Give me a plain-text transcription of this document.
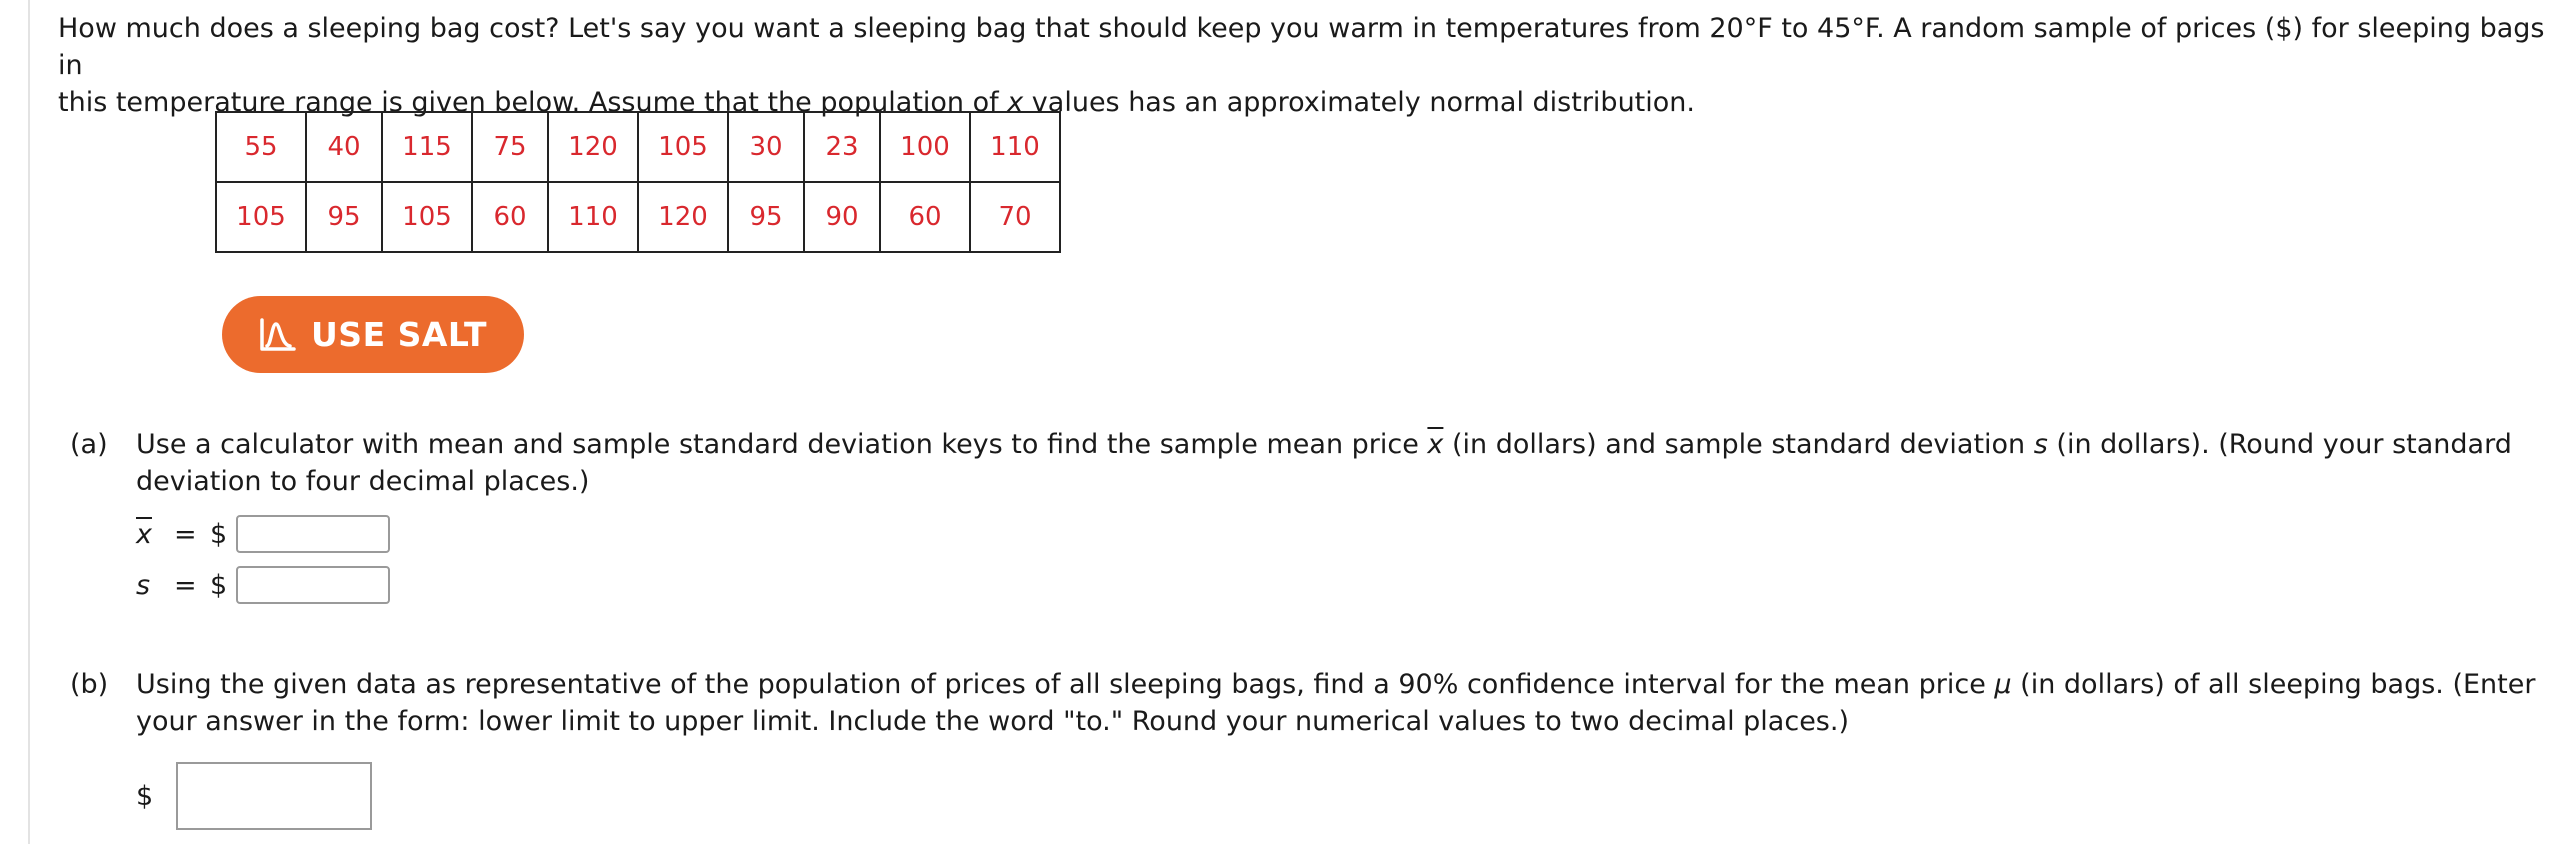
How much does a sleeping bag cost? Let's say you want a sleeping bag that should keep you warm in temperatures from 20°F to 45°F. A random sample of prices ($) for sleeping bags in

this temperature range is given below. Assume that the population of x values has an approximately normal distribution.

55	40	115	75	120	105	30	23	100	110
105	95	105	60	110	120	95	90	60	70
USE SALT
(a) Use a calculator with mean and sample standard deviation keys to find the sample mean price $\overline{x}$ (in dollars) and sample standard deviation s (in dollars). (Round your standard deviation to four decimal places.)
$\overline{x}$ = $
s = $
(b) Using the given data as representative of the population of prices of all sleeping bags, find a 90% confidence interval for the mean price μ (in dollars) of all sleeping bags. (Enter your answer in the form: lower limit to upper limit. Include the word "to." Round your numerical values to two decimal places.)
$
